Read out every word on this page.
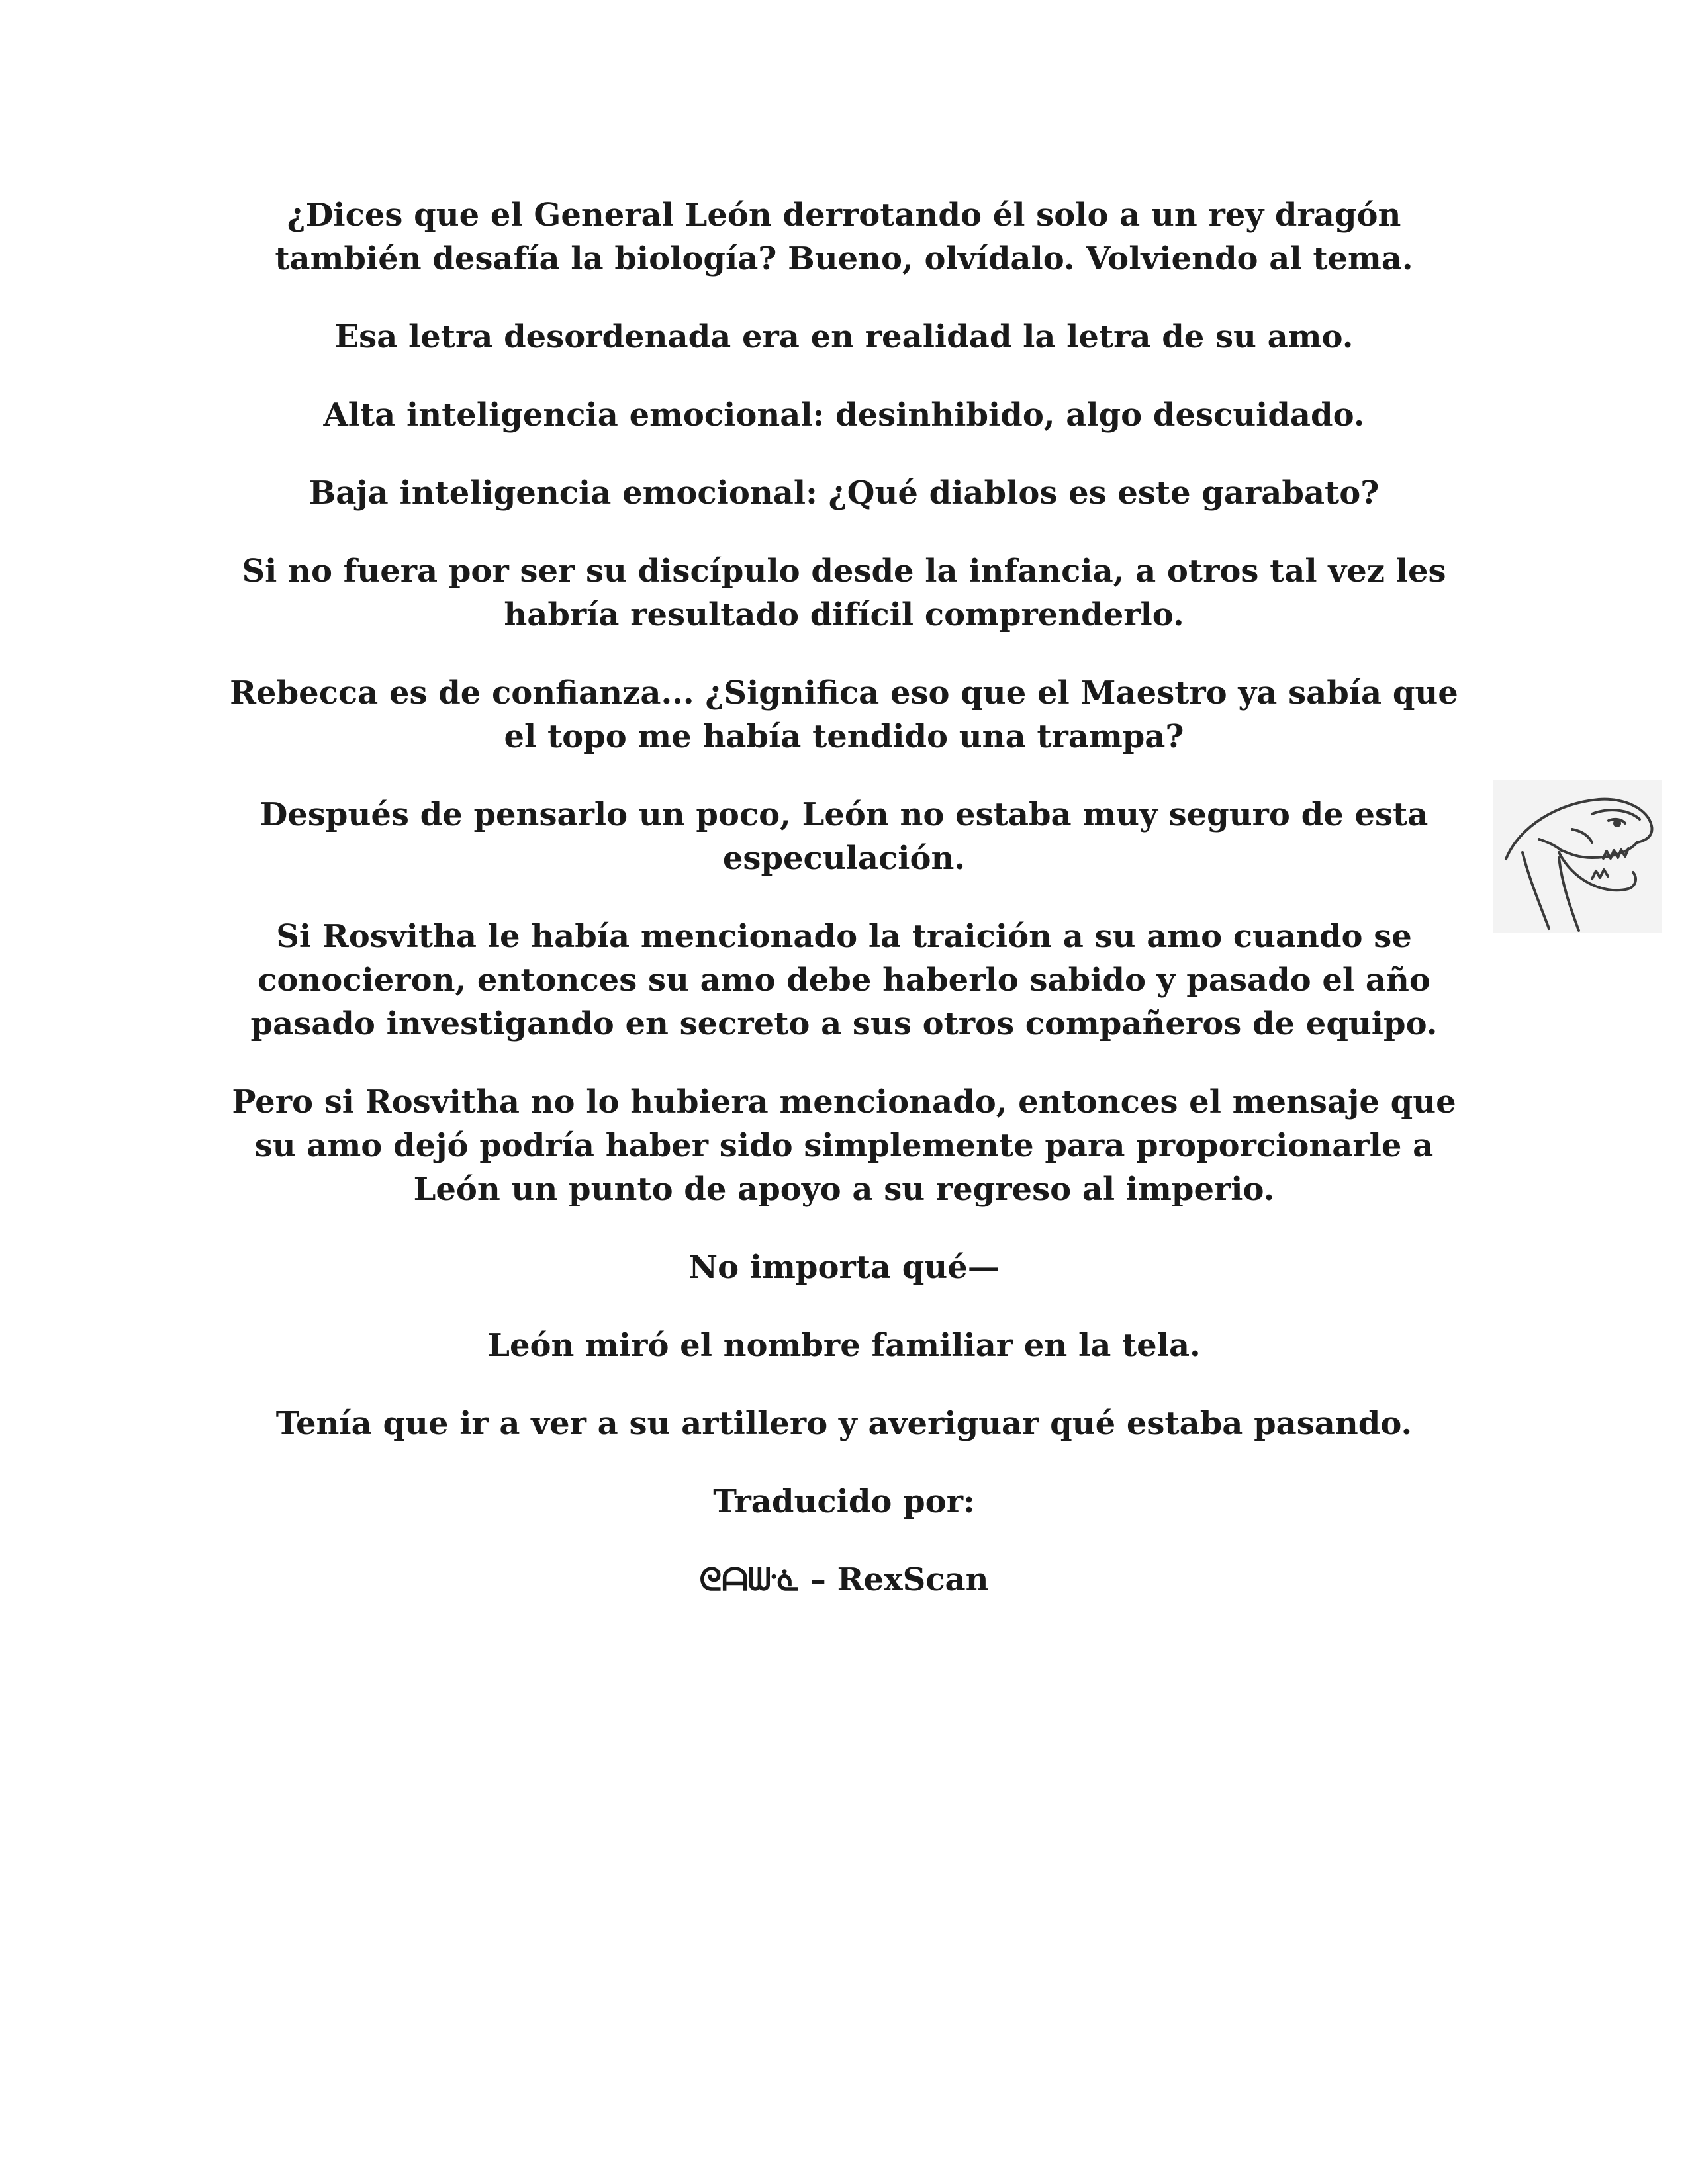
¿Dices que el General León derrotando él solo a un rey dragón también desafía la biología? Bueno, olvídalo. Volviendo al tema.

Esa letra desordenada era en realidad la letra de su amo.

Alta inteligencia emocional: desinhibido, algo descuidado.

Baja inteligencia emocional: ¿Qué diablos es este garabato?

Si no fuera por ser su discípulo desde la infancia, a otros tal vez les habría resultado difícil comprenderlo.

Rebecca es de confianza... ¿Significa eso que el Maestro ya sabía que el topo me había tendido una trampa?

Después de pensarlo un poco, León no estaba muy seguro de esta especulación.

Si Rosvitha le había mencionado la traición a su amo cuando se conocieron, entonces su amo debe haberlo sabido y pasado el año pasado investigando en secreto a sus otros compañeros de equipo.

Pero si Rosvitha no lo hubiera mencionado, entonces el mensaje que su amo dejó podría haber sido simplemente para proporcionarle a León un punto de apoyo a su regreso al imperio.

No importa qué—

León miró el nombre familiar en la tela.

Tenía que ir a ver a su artillero y averiguar qué estaba pasando.

Traducido por:

ᘓᗩᗯᓍ – RexScan
